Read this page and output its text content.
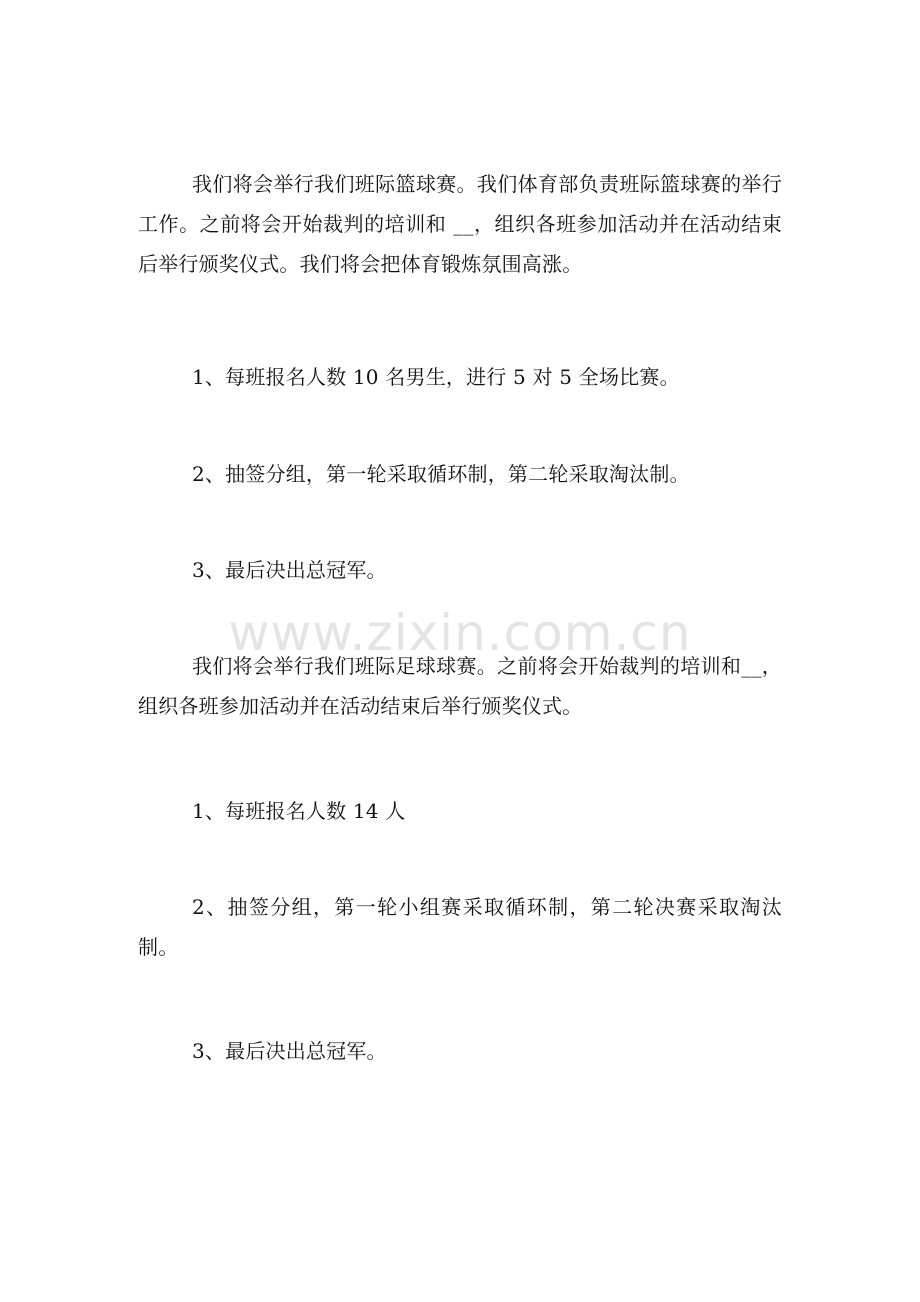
www.zixin.com.cn

我们将会举行我们班际篮球赛。我们体育部负责班际篮球赛的举行工作。之前将会开始裁判的培训和 __，组织各班参加活动并在活动结束后举行颁奖仪式。我们将会把体育锻炼氛围高涨。

1、每班报名人数 10 名男生，进行 5 对 5 全场比赛。

2、抽签分组，第一轮采取循环制，第二轮采取淘汰制。

3、最后决出总冠军。

我们将会举行我们班际足球球赛。之前将会开始裁判的培训和__，组织各班参加活动并在活动结束后举行颁奖仪式。

1、每班报名人数 14 人

2、抽签分组，第一轮小组赛采取循环制，第二轮决赛采取淘汰制。

3、最后决出总冠军。
